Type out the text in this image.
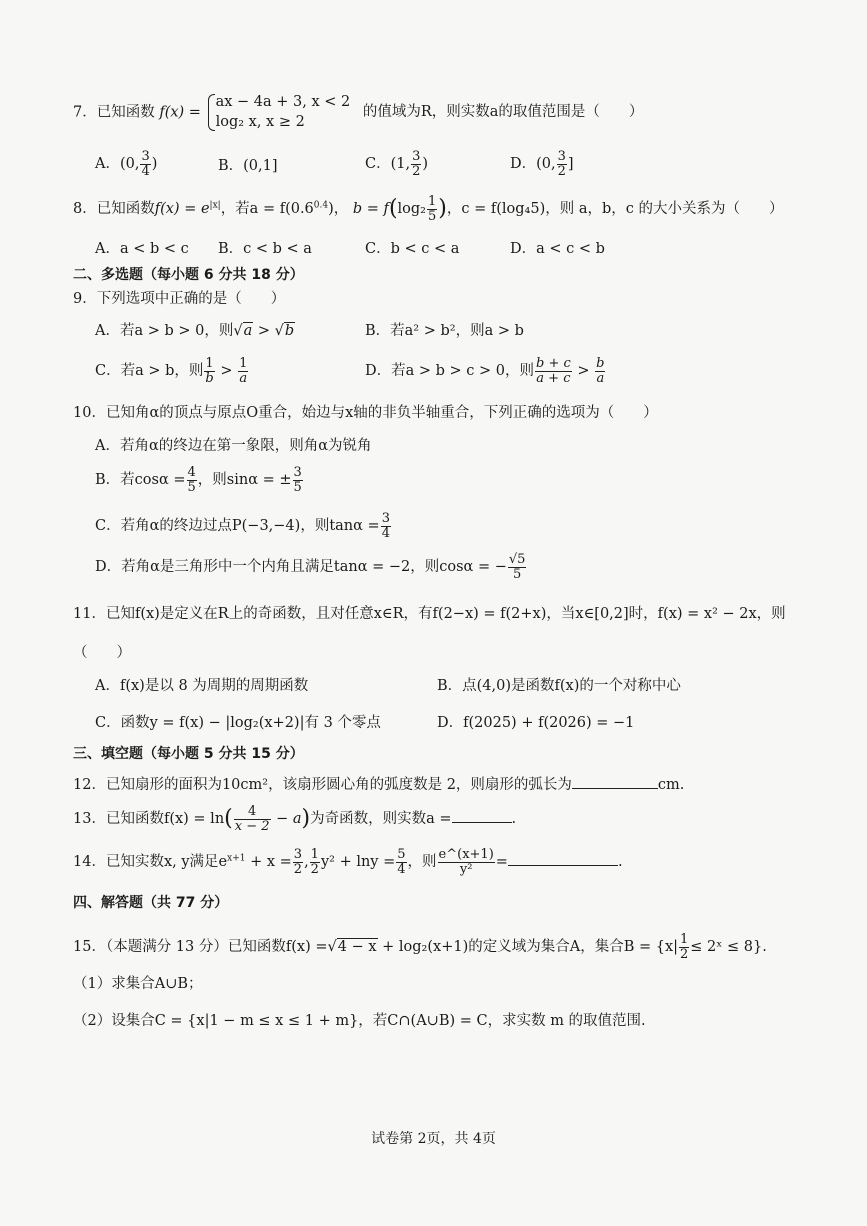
7．已知函数 f(x) =
ax − 4a + 3, x < 2
log₂ x, x ≥ 2
的值域为R，则实数a的取值范围是（　　）
A．(0, $\frac{3}{4}$ )	B．(0,1]	C．(1, $\frac{3}{2}$ )	D．(0, $\frac{3}{2}$ ]
8．已知函数$f(x) = e^{|x|}$，若$a = f(0.6^{0.4})$， $b = f(\log_2 \frac{1}{5}$ )，c = f(log₄5)，则 a，b，c 的大小关系为（　　）
A．a < b < c B．c < b < a	C．b < c < a	D．a < c < b
二、多选题（每小题 6 分共 18 分）
9．下列选项中正确的是（　　）
A．若a > b > 0，则√a > √b	B．若a² > b²，则a > b
C．若a > b，则 $\frac{1}{b} > \frac{1}{a}$	D．若a > b > c > 0，则 $\frac{b + c}{a + c} > \frac{b}{a}$
10．已知角α的顶点与原点O重合，始边与x轴的非负半轴重合，下列正确的选项为（　　）
A．若角α的终边在第一象限，则角α为锐角
B．若$\cos\alpha = \frac{4}{5}$ ，则sinα = ± $\frac{3}{5}$
C．若角α的终边过点P(−3,−4)，则$\tan\alpha = \frac{3}{4}$
D．若角α是三角形中一个内角且满足tanα = −2，则cosα = − $\frac{√5}{5}$
11．已知f(x)是定义在R上的奇函数，且对任意x∈R，有f(2−x) = f(2+x)，当x∈[0,2]时，f(x) = x² − 2x，则
（　　）
A．f(x)是以 8 为周期的周期函数	B．点(4,0)是函数f(x)的一个对称中心
C．函数y = f(x) − |log₂(x+2)|有 3 个零点	D．f(2025) + f(2026) = −1
三、填空题（每小题 5 分共 15 分）
12．已知扇形的面积为10cm²，该扇形圆心角的弧度数是 2，则扇形的弧长为	cm.
13．已知函数$f(x) = \ln( \frac{4}{x - 2} - a)$为奇函数，则实数a =	.
14．已知实数x, y满足$e^{x+1} + x = \frac{3}{2}$ , $\frac{1}{2} y^2 + \ln y = \frac{5}{4}$ ，则 $\frac{e\^{}(x+1)}{\text{y²}}$ =	.
四、解答题（共 77 分）
15．（本题满分 13 分）已知函数f(x) =√4 − x + log₂(x+1)的定义域为集合A，集合$B = \{x| \frac{1}{2}$ ≤ 2ˣ ≤ 8}.
（1）求集合A∪B；
（2）设集合C = {x|1 − m ≤ x ≤ 1 + m}，若C∩(A∪B) = C，求实数 m 的取值范围.
试卷第 2页，共 4页
